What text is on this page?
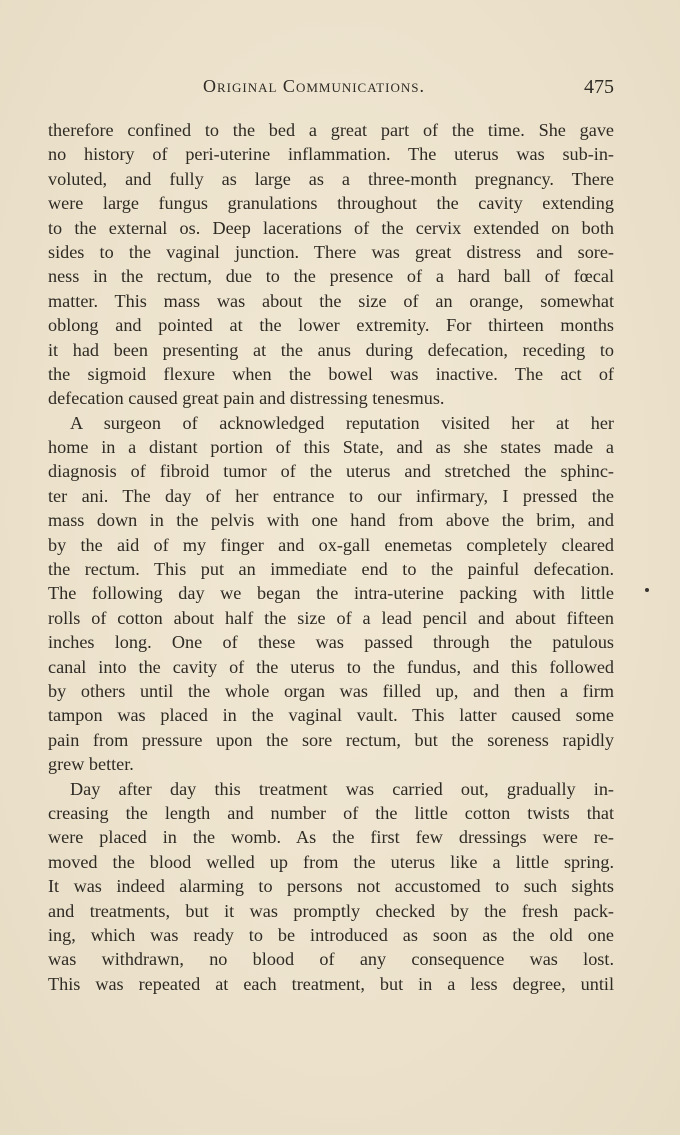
Original Communications.	475
therefore confined to the bed a great part of the time. She gave
no history of peri-uterine inflammation. The uterus was sub-in-
voluted, and fully as large as a three-month pregnancy. There
were large fungus granulations throughout the cavity extending
to the external os. Deep lacerations of the cervix extended on both
sides to the vaginal junction. There was great distress and sore-
ness in the rectum, due to the presence of a hard ball of fœcal
matter. This mass was about the size of an orange, somewhat
oblong and pointed at the lower extremity. For thirteen months
it had been presenting at the anus during defecation, receding to
the sigmoid flexure when the bowel was inactive. The act of
defecation caused great pain and distressing tenesmus.
A surgeon of acknowledged reputation visited her at her
home in a distant portion of this State, and as she states made a
diagnosis of fibroid tumor of the uterus and stretched the sphinc-
ter ani. The day of her entrance to our infirmary, I pressed the
mass down in the pelvis with one hand from above the brim, and
by the aid of my finger and ox-gall enemetas completely cleared
the rectum. This put an immediate end to the painful defecation.
The following day we began the intra-uterine packing with little
rolls of cotton about half the size of a lead pencil and about fifteen
inches long. One of these was passed through the patulous
canal into the cavity of the uterus to the fundus, and this followed
by others until the whole organ was filled up, and then a firm
tampon was placed in the vaginal vault. This latter caused some
pain from pressure upon the sore rectum, but the soreness rapidly
grew better.
Day after day this treatment was carried out, gradually in-
creasing the length and number of the little cotton twists that
were placed in the womb. As the first few dressings were re-
moved the blood welled up from the uterus like a little spring.
It was indeed alarming to persons not accustomed to such sights
and treatments, but it was promptly checked by the fresh pack-
ing, which was ready to be introduced as soon as the old one
was withdrawn, no blood of any consequence was lost.
This was repeated at each treatment, but in a less degree, until
